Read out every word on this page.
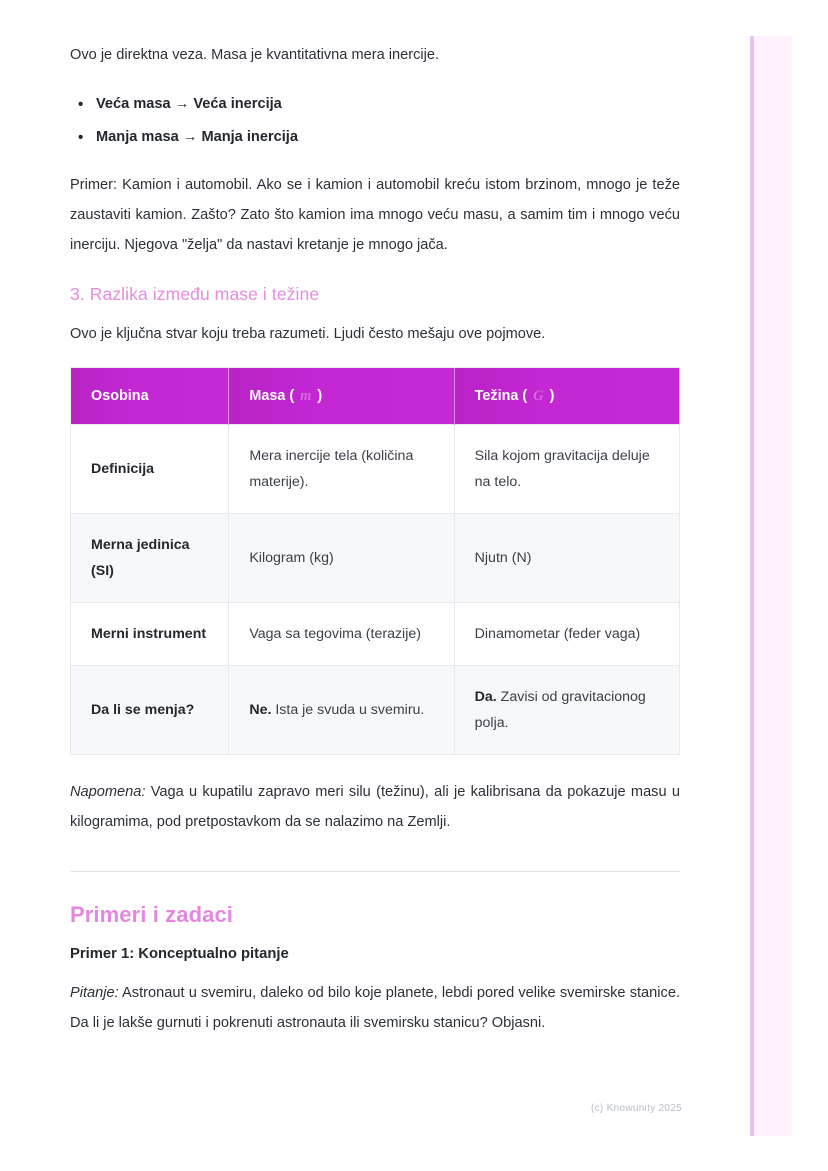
Ovo je direktna veza. Masa je kvantitativna mera inercije.

• Veća masa → Veća inercija
• Manja masa → Manja inercija

Primer: Kamion i automobil. Ako se i kamion i automobil kreću istom brzinom, mnogo je teže zaustaviti kamion. Zašto? Zato što kamion ima mnogo veću masu, a samim tim i mnogo veću inerciju. Njegova "želja" da nastavi kretanje je mnogo jača.

3. Razlika između mase i težine

Ovo je ključna stvar koju treba razumeti. Ljudi često mešaju ove pojmove.

Osobina	Masa ( m )	Težina ( G )
Definicija	Mera inercije tela (količina materije).	Sila kojom gravitacija deluje na telo.
Merna jedinica (SI)	Kilogram (kg)	Njutn (N)
Merni instrument	Vaga sa tegovima (terazije)	Dinamometar (feder vaga)
Da li se menja?	Ne. Ista je svuda u svemiru.	Da. Zavisi od gravitacionog polja.

Napomena: Vaga u kupatilu zapravo meri silu (težinu), ali je kalibrisana da pokazuje masu u kilogramima, pod pretpostavkom da se nalazimo na Zemlji.

Primeri i zadaci
Primer 1: Konceptualno pitanje

Pitanje: Astronaut u svemiru, daleko od bilo koje planete, lebdi pored velike svemirske stanice. Da li je lakše gurnuti i pokrenuti astronauta ili svemirsku stanicu? Objasni.

(c) Knowunity 2025
